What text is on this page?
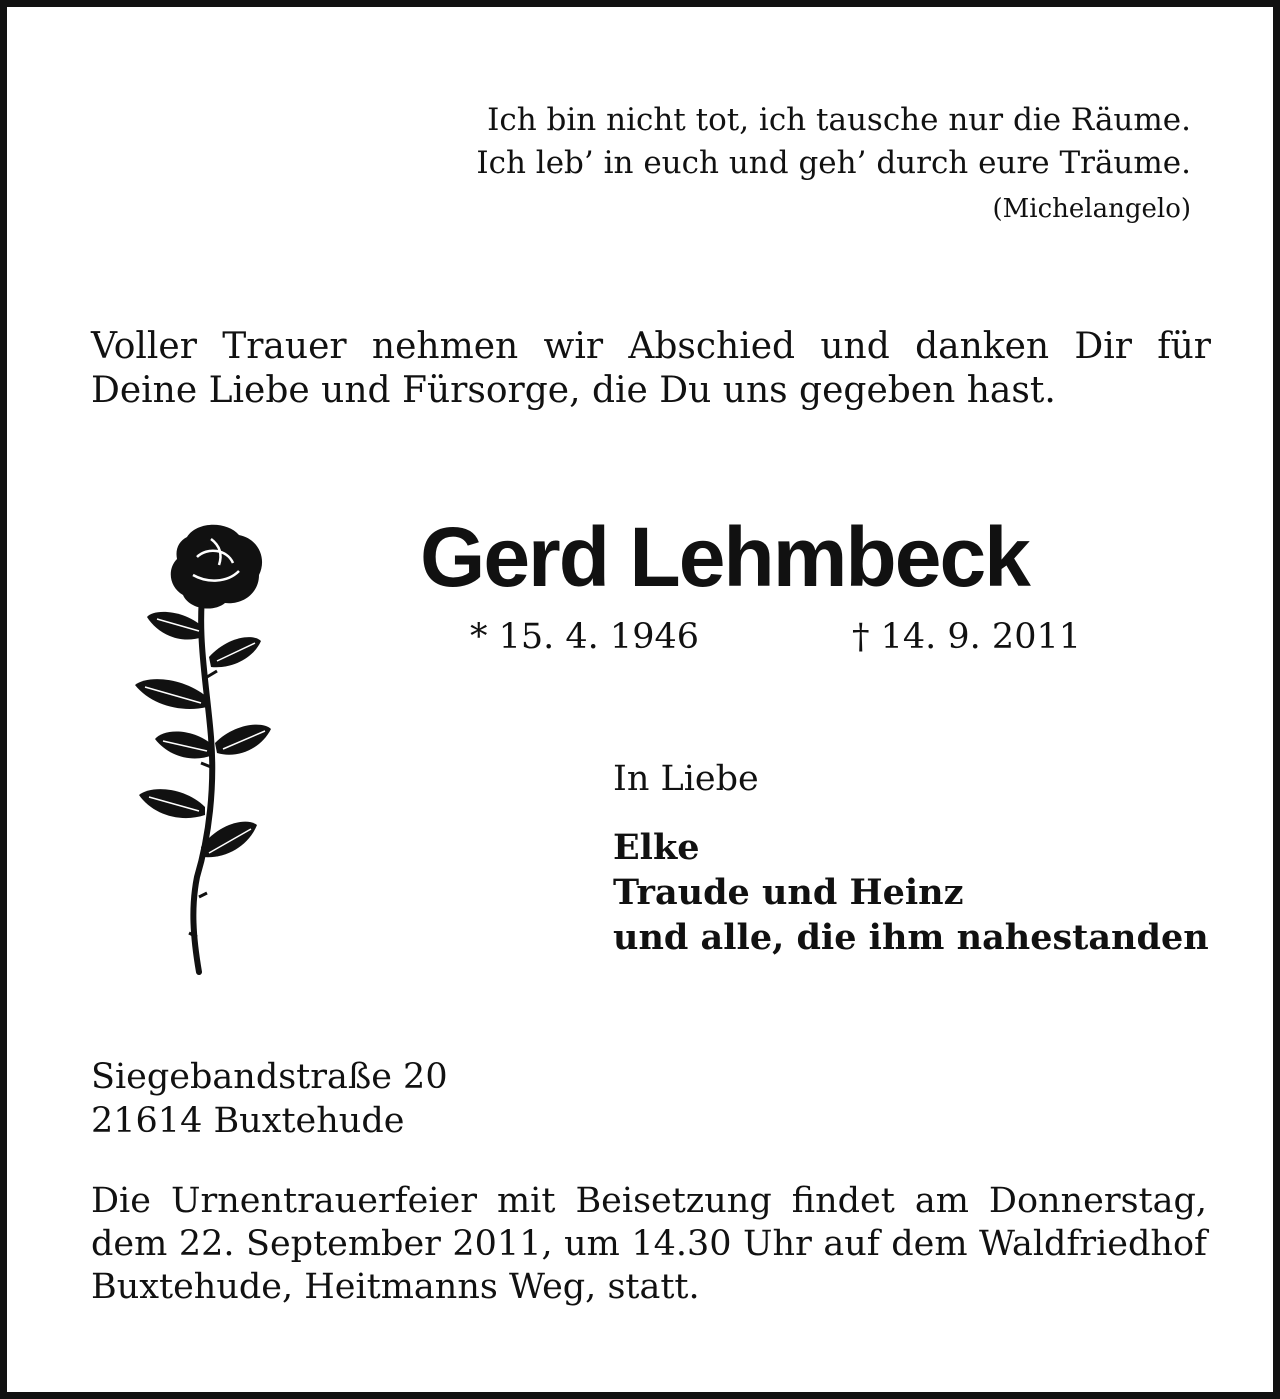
Ich bin nicht tot, ich tausche nur die Räume.
Ich leb’ in euch und geh’ durch eure Träume.
(Michelangelo)
Voller Trauer nehmen wir Abschied und danken Dir für Deine Liebe und Fürsorge, die Du uns gegeben hast.
Gerd Lehmbeck
* 15. 4. 1946	† 14. 9. 2011
In Liebe
Elke
Traude und Heinz
und alle, die ihm nahestanden
Siegebandstraße 20
21614 Buxtehude
Die Urnentrauerfeier mit Beisetzung findet am Donnerstag, dem 22. September 2011, um 14.30 Uhr auf dem Waldfriedhof Buxtehude, Heitmanns Weg, statt.
